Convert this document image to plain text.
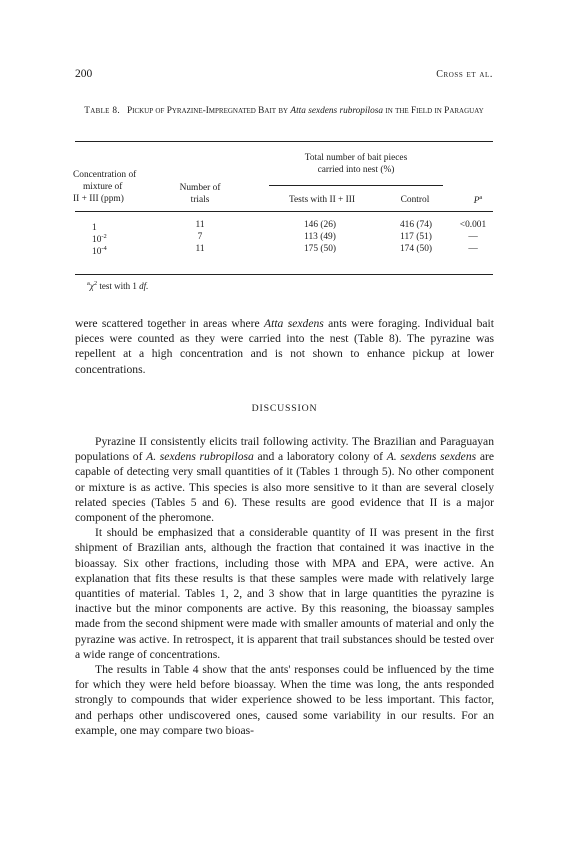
200	Cross et al.
Table 8. Pickup of Pyrazine-Impregnated Bait by Atta sexdens rubropilosa in the Field in Paraguay
Concentration of
mixture of
II + III (ppm)
Number of
trials
Total number of bait pieces
carried into nest (%)
Tests with II + III	Control	$P^a$
1	11	146 (26)	416 (74)	<0.001
$10^{-2}$	7	113 (49)	117 (51)	—
$10^{-4}$	11	175 (50)	174 (50)	—
$^a\chi^2$ test with 1 df.

were scattered together in areas where Atta sexdens ants were foraging. Individual bait pieces were counted as they were carried into the nest (Table 8). The pyrazine was repellent at a high concentration and is not shown to enhance pickup at lower concentrations.

DISCUSSION

Pyrazine II consistently elicits trail following activity. The Brazilian and Paraguayan populations of A. sexdens rubropilosa and a laboratory colony of A. sexdens sexdens are capable of detecting very small quantities of it (Tables 1 through 5). No other component or mixture is as active. This species is also more sensitive to it than are several closely related species (Tables 5 and 6). These results are good evidence that II is a major component of the pheromone.

It should be emphasized that a considerable quantity of II was present in the first shipment of Brazilian ants, although the fraction that contained it was inactive in the bioassay. Six other fractions, including those with MPA and EPA, were active. An explanation that fits these results is that these samples were made with relatively large quantities of material. Tables 1, 2, and 3 show that in large quantities the pyrazine is inactive but the minor components are active. By this reasoning, the bioassay samples made from the second shipment were made with smaller amounts of material and only the pyrazine was active. In retrospect, it is apparent that trail substances should be tested over a wide range of concentrations.

The results in Table 4 show that the ants' responses could be influenced by the time for which they were held before bioassay. When the time was long, the ants responded strongly to compounds that wider experience showed to be less important. This factor, and perhaps other undiscovered ones, caused some variability in our results. For an example, one may compare two bioas-
